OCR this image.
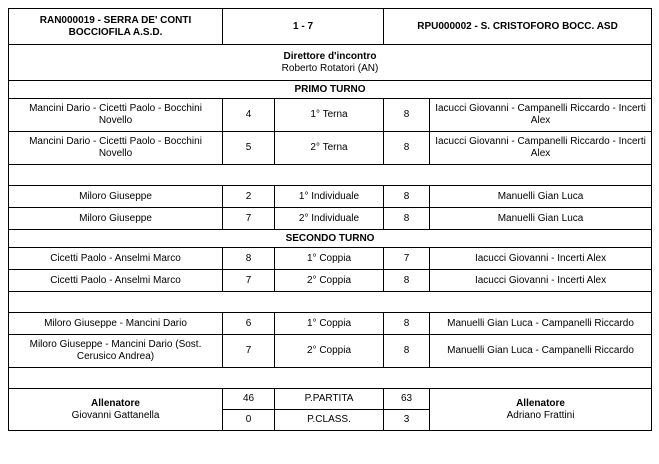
RAN000019 - SERRA DE' CONTI BOCCIOFILA A.S.D.	1 - 7		RPU000002 - S. CRISTOFORO BOCC. ASD	

Direttore d'incontro
Roberto Rotatori (AN)				

PRIMO TURNO				
Mancini Dario - Cicetti Paolo - Bocchini Novello	4	1° Terna	8	Iacucci Giovanni - Campanelli Riccardo - Incerti Alex
Mancini Dario - Cicetti Paolo - Bocchini Novello	5	2° Terna	8	Iacucci Giovanni - Campanelli Riccardo - Incerti Alex

Miloro Giuseppe	2	1° Individuale	8	Manuelli Gian Luca
Miloro Giuseppe	7	2° Individuale	8	Manuelli Gian Luca
SECONDO TURNO				
Cicetti Paolo - Anselmi Marco	8	1° Coppia	7	Iacucci Giovanni - Incerti Alex
Cicetti Paolo - Anselmi Marco	7	2° Coppia	8	Iacucci Giovanni - Incerti Alex

Miloro Giuseppe - Mancini Dario	6	1° Coppia	8	Manuelli Gian Luca - Campanelli Riccardo
Miloro Giuseppe - Mancini Dario (Sost. Cerusico Andrea)	7	2° Coppia	8	Manuelli Gian Luca - Campanelli Riccardo

Allenatore
Giovanni Gattanella	46	P.PARTITA	63	Allenatore
Adriano Frattini

	0	P.CLASS.	3	
